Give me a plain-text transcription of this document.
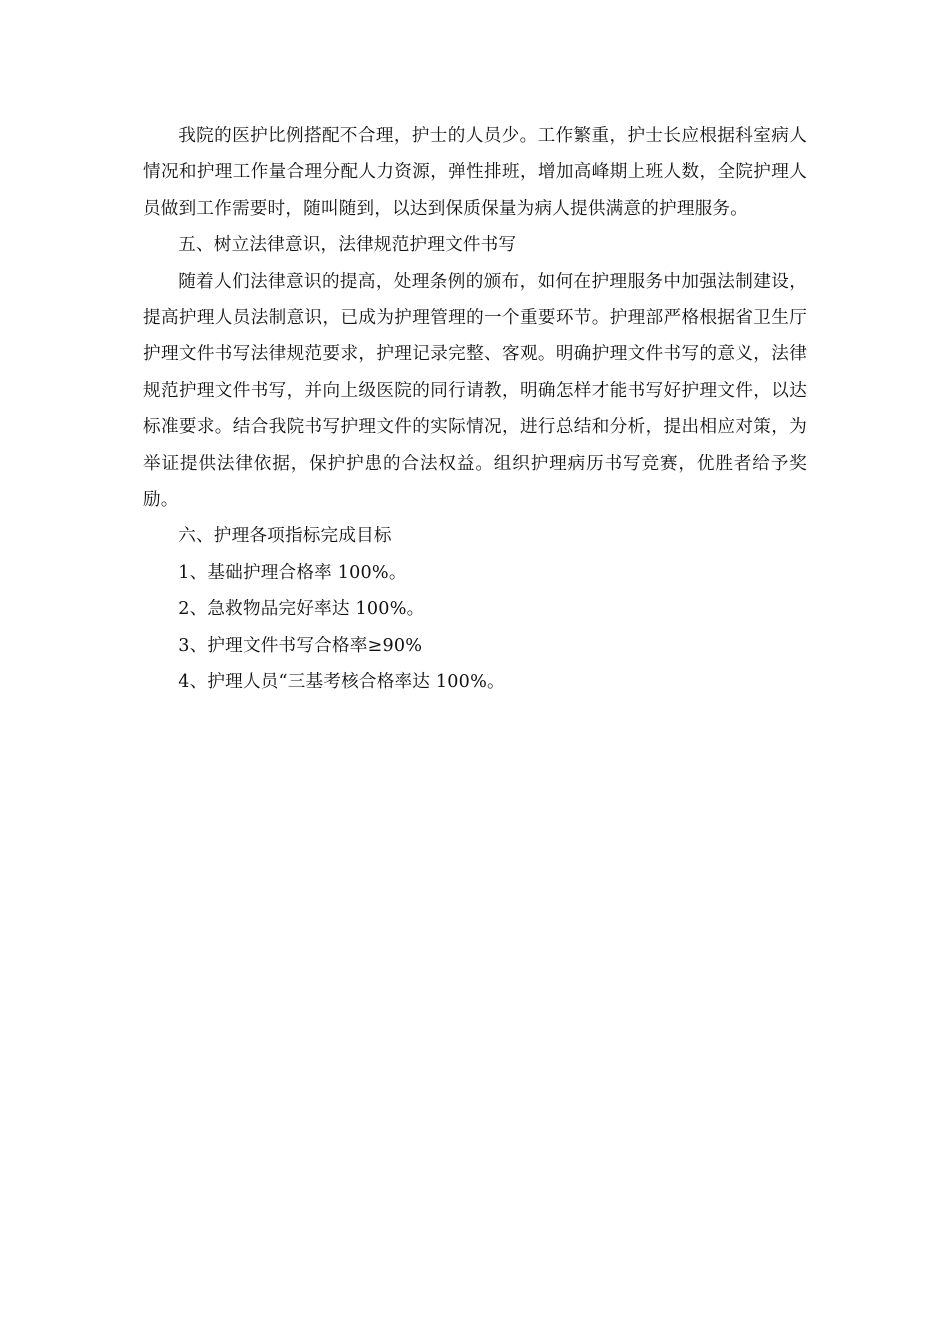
我院的医护比例搭配不合理，护士的人员少。工作繁重，护士长应根据科室病人情况和护理工作量合理分配人力资源，弹性排班，增加高峰期上班人数，全院护理人员做到工作需要时，随叫随到，以达到保质保量为病人提供满意的护理服务。

五、树立法律意识，法律规范护理文件书写

随着人们法律意识的提高，处理条例的颁布，如何在护理服务中加强法制建设，提高护理人员法制意识，已成为护理管理的一个重要环节。护理部严格根据省卫生厅护理文件书写法律规范要求，护理记录完整、客观。明确护理文件书写的意义，法律规范护理文件书写，并向上级医院的同行请教，明确怎样才能书写好护理文件，以达标准要求。结合我院书写护理文件的实际情况，进行总结和分析，提出相应对策，为举证提供法律依据，保护护患的合法权益。组织护理病历书写竞赛，优胜者给予奖励。

六、护理各项指标完成目标

1、基础护理合格率 100%。

2、急救物品完好率达 100%。

3、护理文件书写合格率≥90%

4、护理人员“三基考核合格率达 100%。
